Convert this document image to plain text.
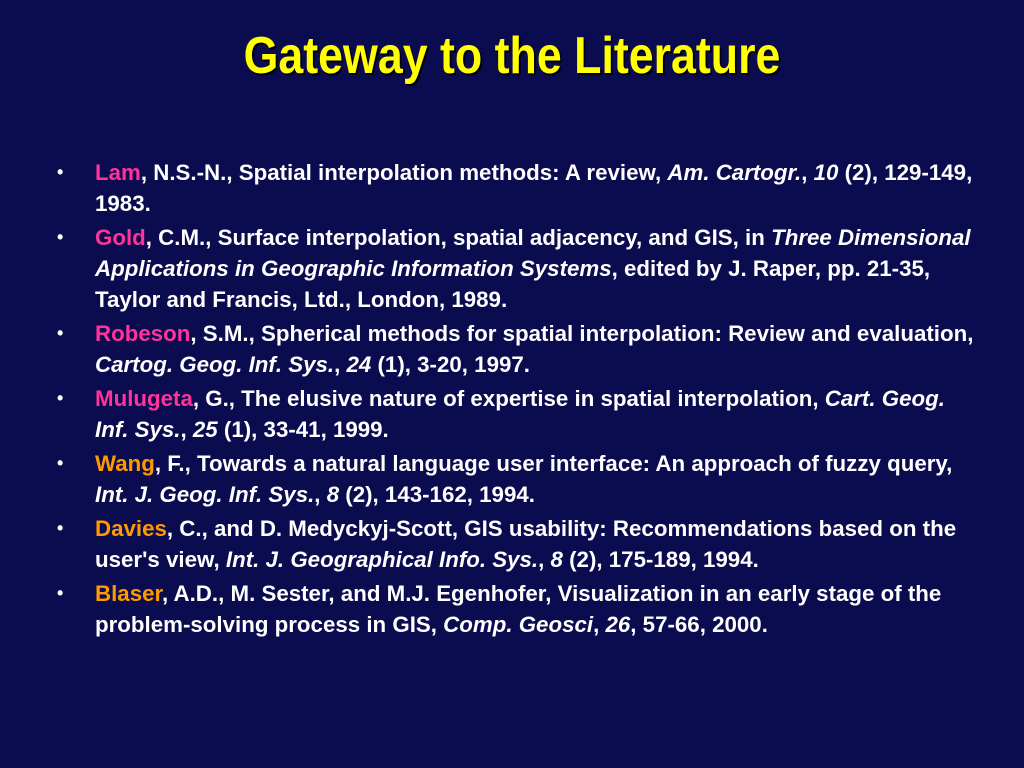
Gateway to the Literature
• Lam, N.S.-N., Spatial interpolation methods: A review, Am. Cartogr., 10 (2), 129-149, 1983.
• Gold, C.M., Surface interpolation, spatial adjacency, and GIS, in Three Dimensional Applications in Geographic Information Systems, edited by J. Raper, pp. 21-35, Taylor and Francis, Ltd., London, 1989.
• Robeson, S.M., Spherical methods for spatial interpolation: Review and evaluation, Cartog. Geog. Inf. Sys., 24 (1), 3-20, 1997.
• Mulugeta, G., The elusive nature of expertise in spatial interpolation, Cart. Geog. Inf. Sys., 25 (1), 33-41, 1999.
• Wang, F., Towards a natural language user interface: An approach of fuzzy query, Int. J. Geog. Inf. Sys., 8 (2), 143-162, 1994.
• Davies, C., and D. Medyckyj-Scott, GIS usability: Recommendations based on the user's view, Int. J. Geographical Info. Sys., 8 (2), 175-189, 1994.
• Blaser, A.D., M. Sester, and M.J. Egenhofer, Visualization in an early stage of the problem-solving process in GIS, Comp. Geosci, 26, 57-66, 2000.
